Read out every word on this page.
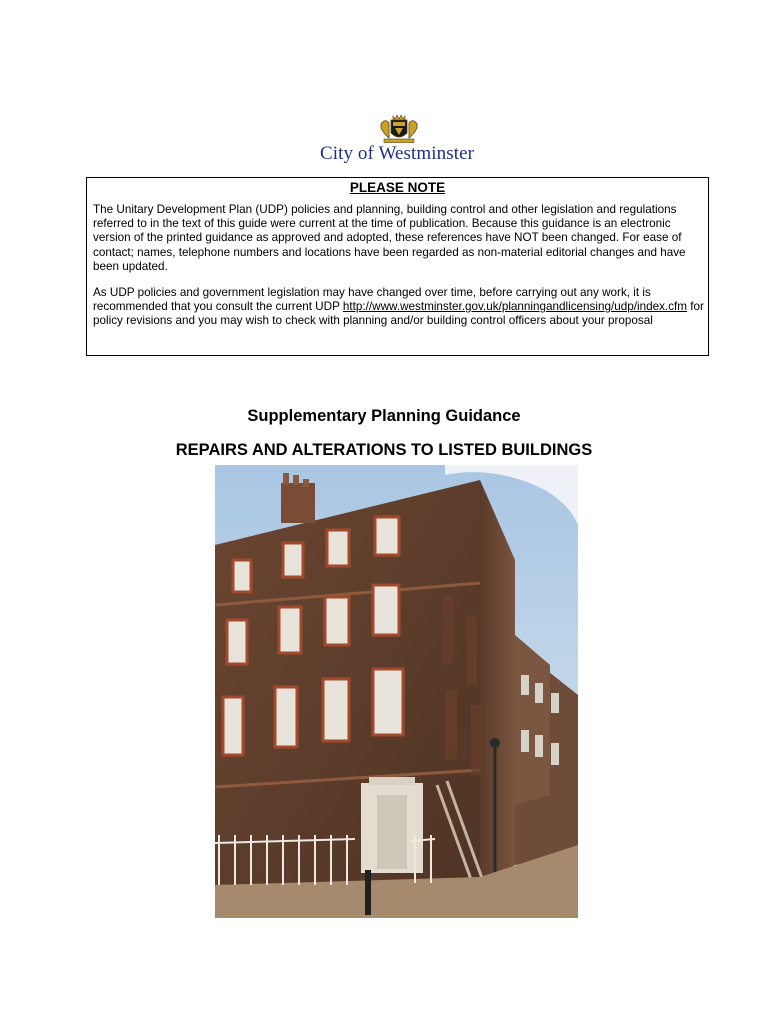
City of Westminster
PLEASE NOTE

The Unitary Development Plan (UDP) policies and planning, building control and other legislation and regulations referred to in the text of this guide were current at the time of publication. Because this guidance is an electronic version of the printed guidance as approved and adopted, these references have NOT been changed. For ease of contact; names, telephone numbers and locations have been regarded as non-material editorial changes and have been updated.

As UDP policies and government legislation may have changed over time, before carrying out any work, it is recommended that you consult the current UDP http://www.westminster.gov.uk/planningandlicensing/udp/index.cfm for policy revisions and you may wish to check with planning and/or building control officers about your proposal

Supplementary Planning Guidance
REPAIRS AND ALTERATIONS TO LISTED BUILDINGS
